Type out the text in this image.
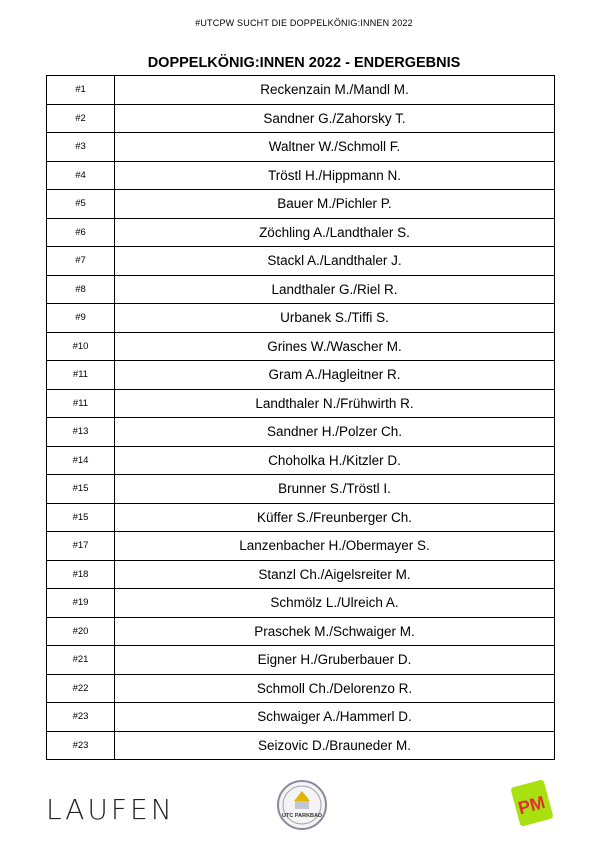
#UTCPW SUCHT DIE DOPPELKÖNIG:INNEN 2022
DOPPELKÖNIG:INNEN 2022 - ENDERGEBNIS
#1	Reckenzain M./Mandl M.
#2	Sandner G./Zahorsky T.
#3	Waltner W./Schmoll F.
#4	Tröstl H./Hippmann N.
#5	Bauer M./Pichler P.
#6	Zöchling A./Landthaler S.
#7	Stackl A./Landthaler J.
#8	Landthaler G./Riel R.
#9	Urbanek S./Tiffi S.
#10	Grines W./Wascher M.
#11	Gram A./Hagleitner R.
#11	Landthaler N./Frühwirth R.
#13	Sandner H./Polzer Ch.
#14	Choholka H./Kitzler D.
#15	Brunner S./Tröstl I.
#15	Küffer S./Freunberger Ch.
#17	Lanzenbacher H./Obermayer S.
#18	Stanzl Ch./Aigelsreiter M.
#19	Schmölz L./Ulreich A.
#20	Praschek M./Schwaiger M.
#21	Eigner H./Gruberbauer D.
#22	Schmoll Ch./Delorenzo R.
#23	Schwaiger A./Hammerl D.
#23	Seizovic D./Brauneder M.
LAUFEN	UTC PARKBAD	PM
